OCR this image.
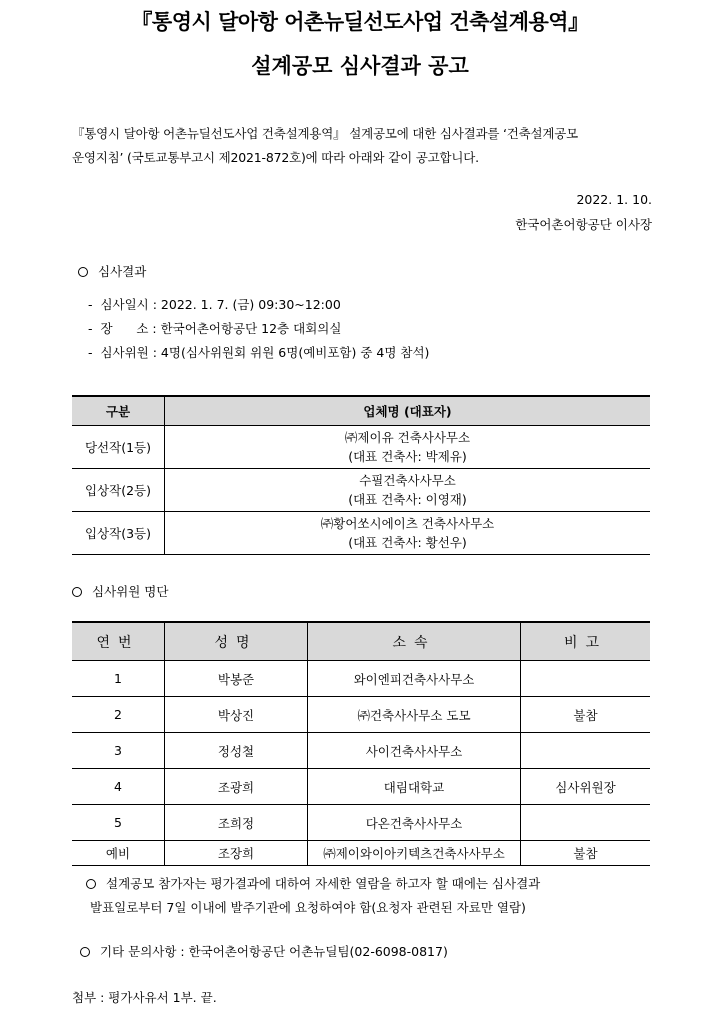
『통영시 달아항 어촌뉴딜선도사업 건축설계용역』
설계공모 심사결과 공고
『통영시 달아항 어촌뉴딜선도사업 건축설계용역』 설계공모에 대한 심사결과를 ‘건축설계공모
운영지침’ (국토교통부고시 제2021-872호)에 따라 아래와 같이 공고합니다.
2022. 1. 10.
한국어촌어항공단 이사장
심사결과
-  심사일시 : 2022. 1. 7. (금) 09:30~12:00
-  장      소 : 한국어촌어항공단 12층 대회의실
-  심사위원 : 4명(심사위원회 위원 6명(예비포함) 중 4명 참석)
구분	업체명 (대표자)
당선작(1등)	㈜제이유 건축사사무소
(대표 건축사: 박제유)

입상작(2등)	수필건축사사무소
(대표 건축사: 이영재)

입상작(3등)	㈜황어쏘시에이츠 건축사사무소
(대표 건축사: 황선우)
심사위원 명단
연번	성명	소속	비고
1	박봉준	와이엔피건축사사무소	
2	박상진	㈜건축사사무소 도모	불참
3	정성철	사이건축사사무소	
4	조광희	대림대학교	심사위원장
5	조희정	다온건축사사무소	
예비	조장희	㈜제이와이아키텍츠건축사사무소	불참
설계공모 참가자는 평가결과에 대하여 자세한 열람을 하고자 할 때에는 심사결과
발표일로부터 7일 이내에 발주기관에 요청하여야 함(요청자 관련된 자료만 열람)
기타 문의사항 : 한국어촌어항공단 어촌뉴딜팀(02-6098-0817)
첨부 : 평가사유서 1부. 끝.
